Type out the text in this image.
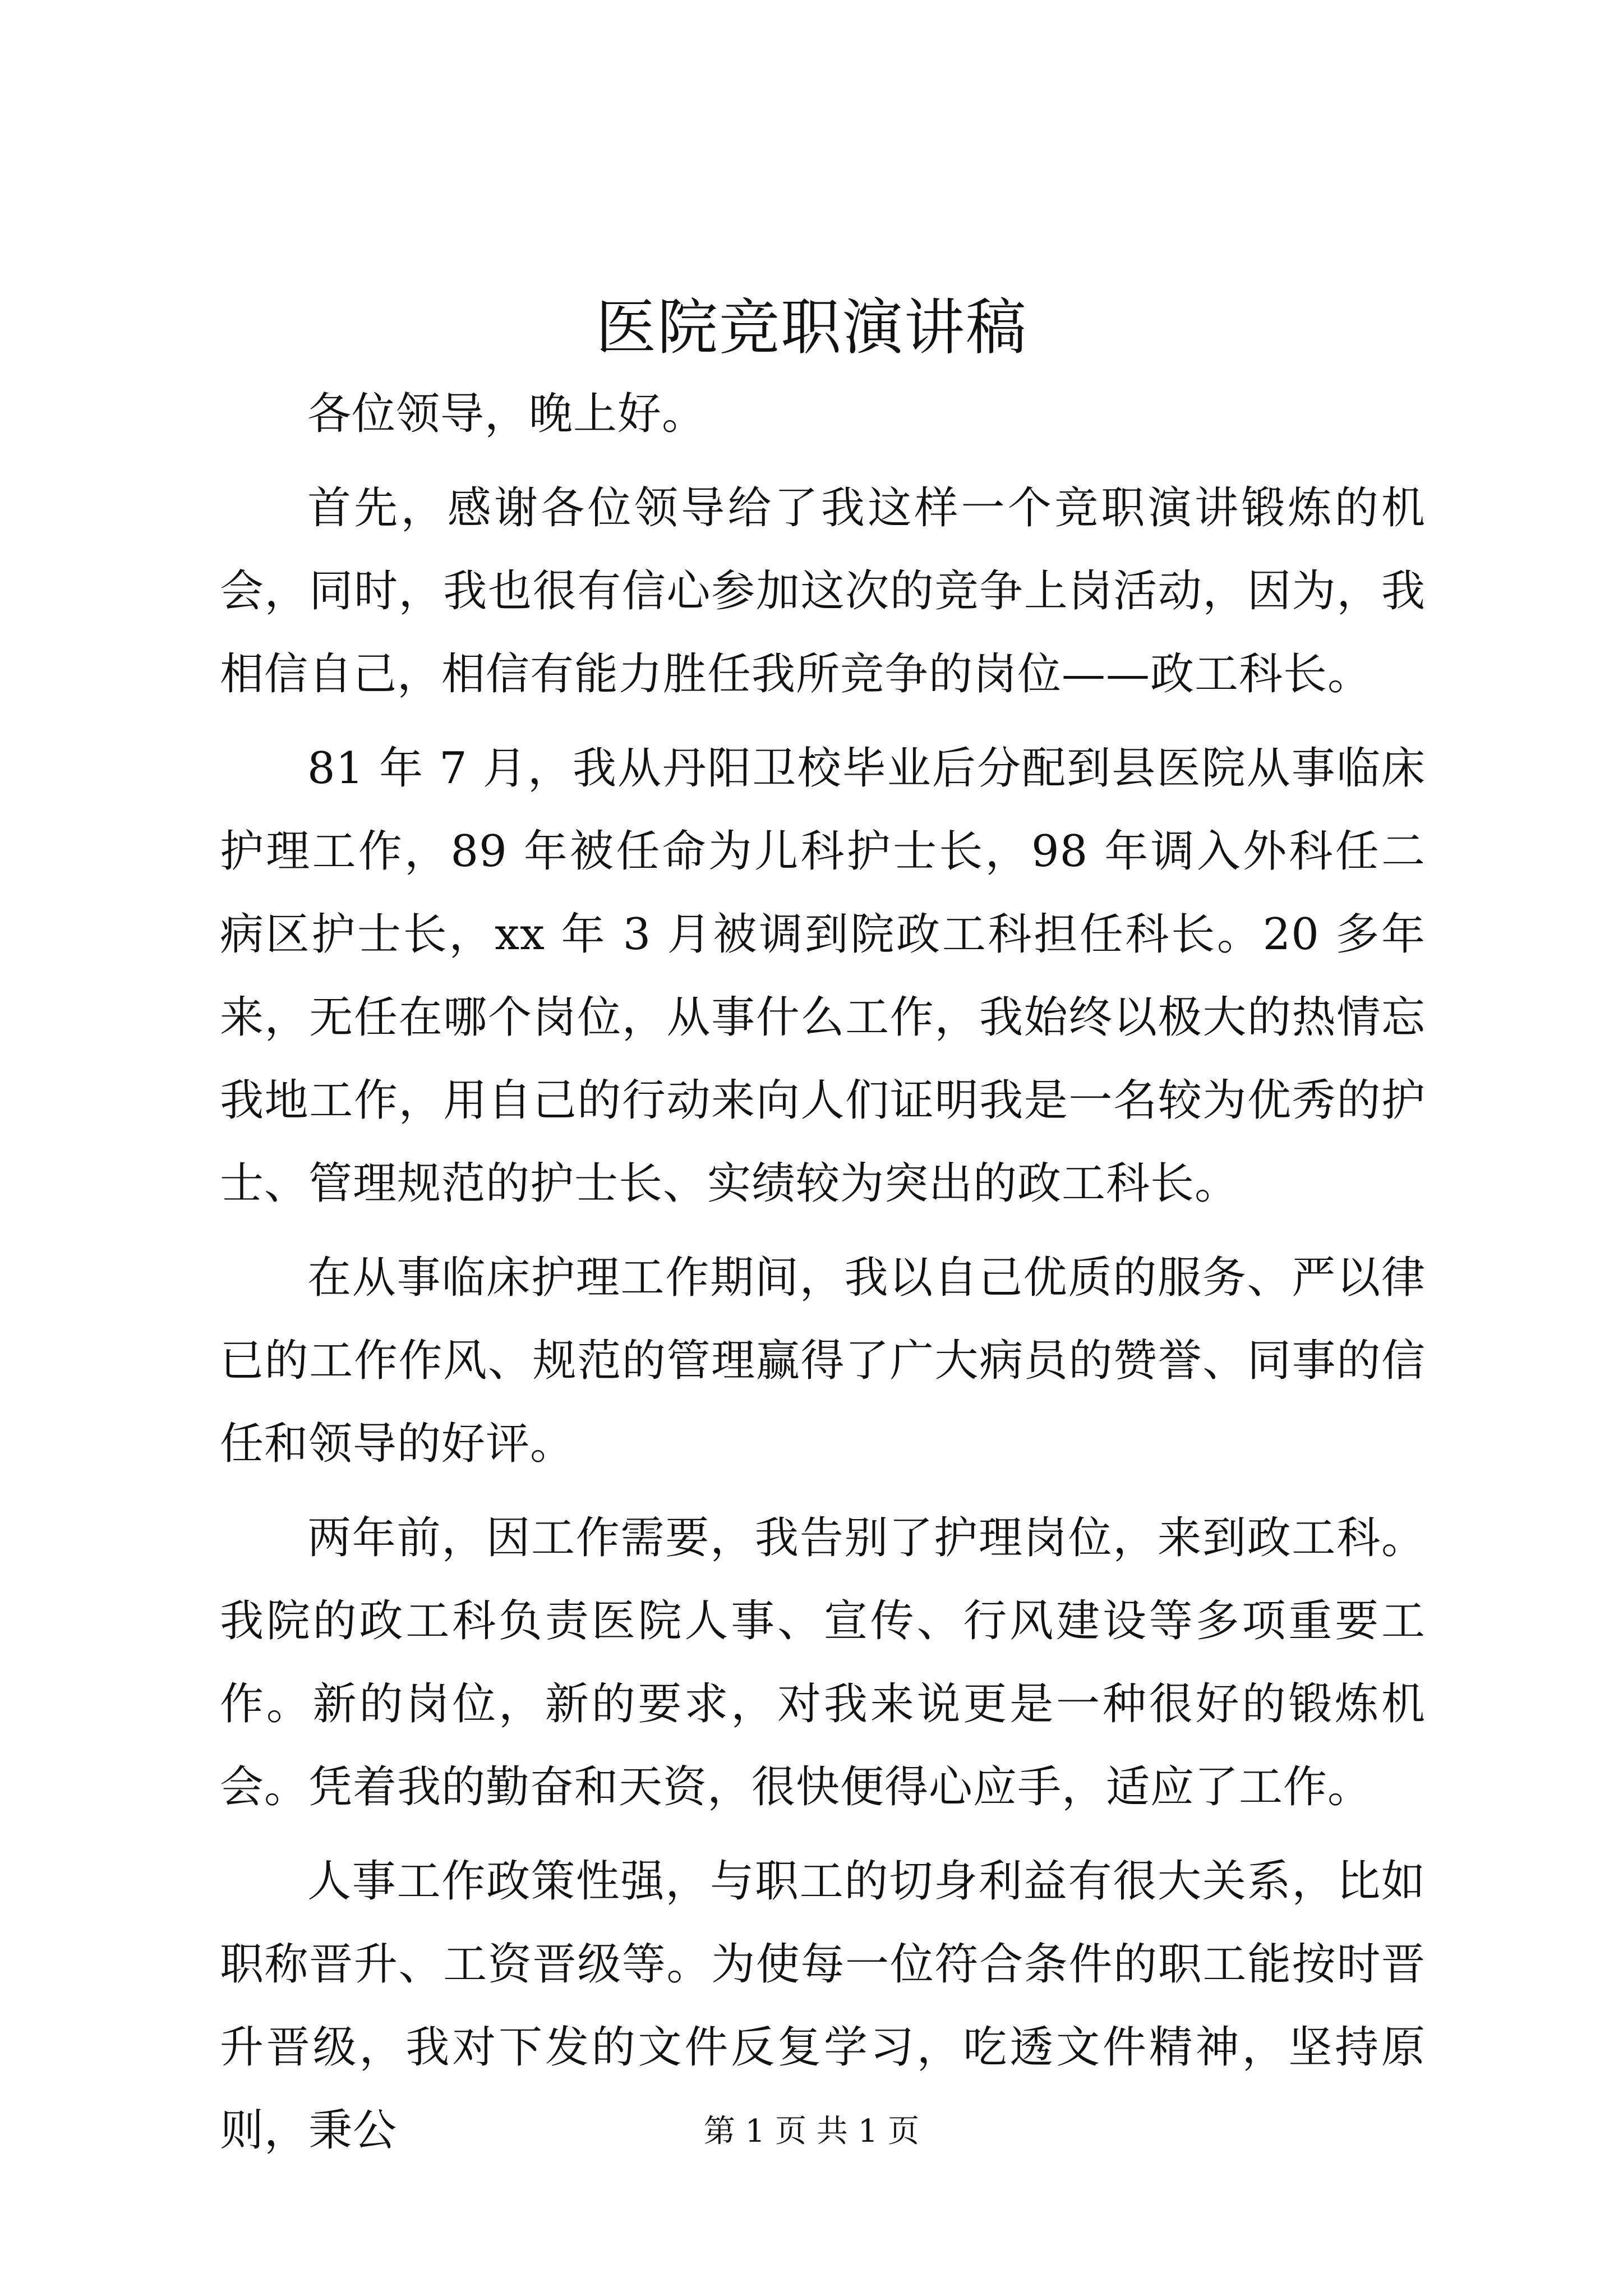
医院竞职演讲稿

各位领导，晚上好。

首先，感谢各位领导给了我这样一个竞职演讲锻炼的机会，同时，我也很有信心参加这次的竞争上岗活动，因为，我相信自己，相信有能力胜任我所竞争的岗位——政工科长。

81 年 7 月，我从丹阳卫校毕业后分配到县医院从事临床护理工作，89 年被任命为儿科护士长，98 年调入外科任二病区护士长，xx 年 3 月被调到院政工科担任科长。20 多年来，无任在哪个岗位，从事什么工作，我始终以极大的热情忘我地工作，用自己的行动来向人们证明我是一名较为优秀的护士、管理规范的护士长、实绩较为突出的政工科长。

在从事临床护理工作期间，我以自己优质的服务、严以律已的工作作风、规范的管理赢得了广大病员的赞誉、同事的信任和领导的好评。

两年前，因工作需要，我告别了护理岗位，来到政工科。我院的政工科负责医院人事、宣传、行风建设等多项重要工作。新的岗位，新的要求，对我来说更是一种很好的锻炼机会。凭着我的勤奋和天资，很快便得心应手，适应了工作。

人事工作政策性强，与职工的切身利益有很大关系，比如职称晋升、工资晋级等。为使每一位符合条件的职工能按时晋升晋级，我对下发的文件反复学习，吃透文件精神，坚持原则，秉公	第 1 页 共 1 页
